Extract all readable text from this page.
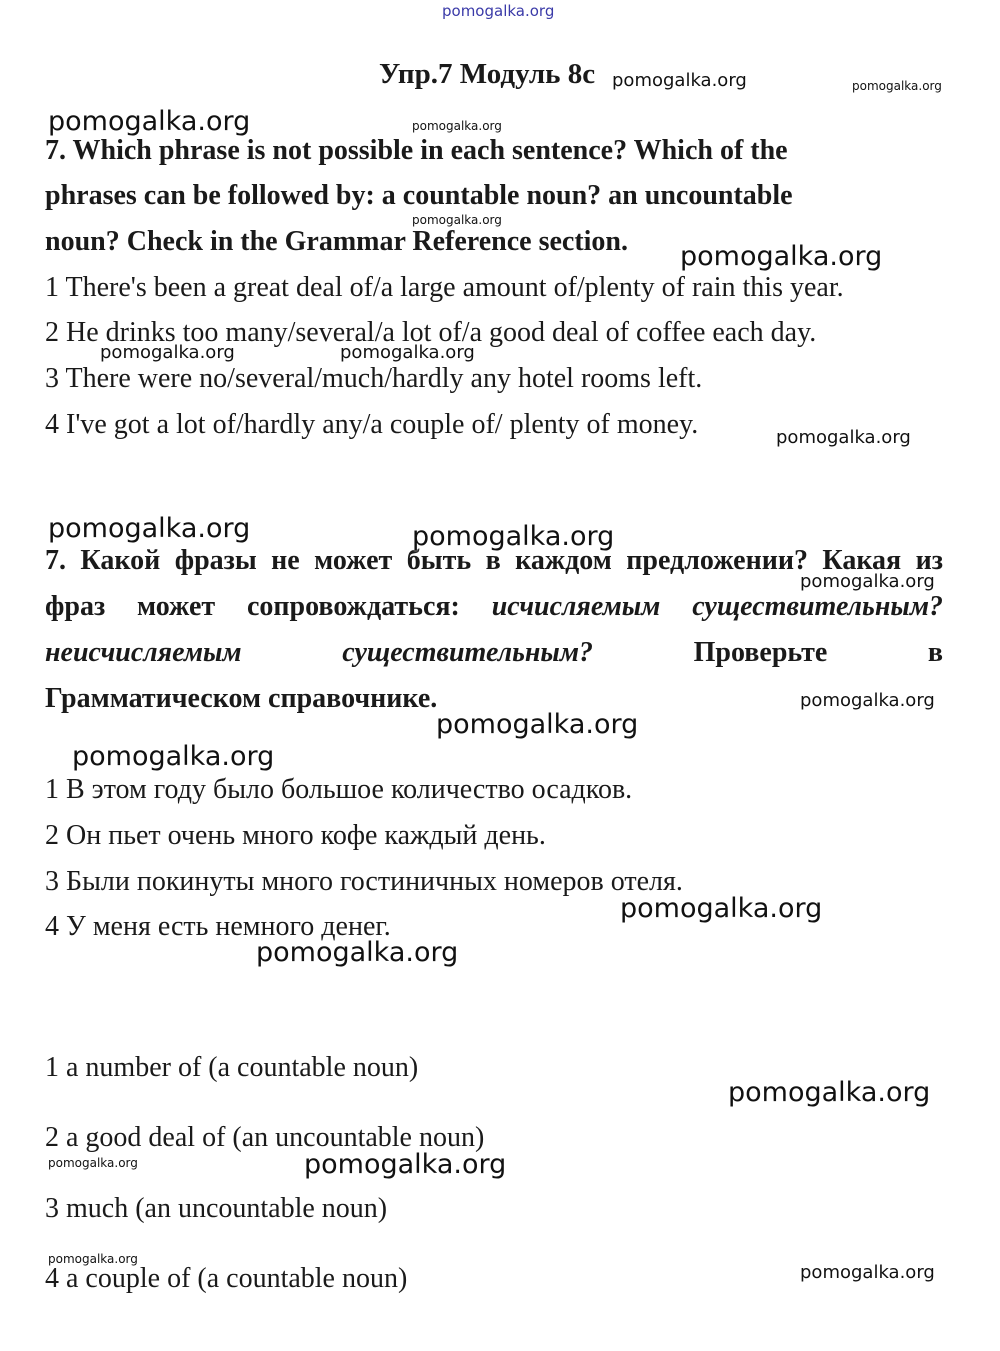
pomogalka.org
Упр.7 Модуль 8с
7. Which phrase is not possible in each sentence? Which of the
phrases can be followed by: a countable noun? an uncountable
noun? Check in the Grammar Reference section.
1 There's been a great deal of/a large amount of/plenty of rain this year.
2 He drinks too many/several/a lot of/a good deal of coffee each day.
3 There were no/several/much/hardly any hotel rooms left.
4 I've got a lot of/hardly any/a couple of/ plenty of money.
7. Какой фразы не может быть в каждом предложении? Какая из
фраз может сопровождаться: исчисляемым существительным?
неисчисляемым	существительным?	Проверьте	в
Грамматическом справочнике.
1 В этом году было большое количество осадков.
2 Он пьет очень много кофе каждый день.
3 Были покинуты много гостиничных номеров отеля.
4 У меня есть немного денег.
1 a number of (a countable noun)
2 a good deal of (an uncountable noun)
3 much (an uncountable noun)
4 a couple of (a countable noun)
pomogalka.org	pomogalka.org
pomogalka.org	pomogalka.org
pomogalka.org
pomogalka.org
pomogalka.org	pomogalka.org
pomogalka.org
pomogalka.org	pomogalka.org
pomogalka.org
pomogalka.org
pomogalka.org
pomogalka.org
pomogalka.org
pomogalka.org
pomogalka.org
pomogalka.org	pomogalka.org
pomogalka.org
pomogalka.org
